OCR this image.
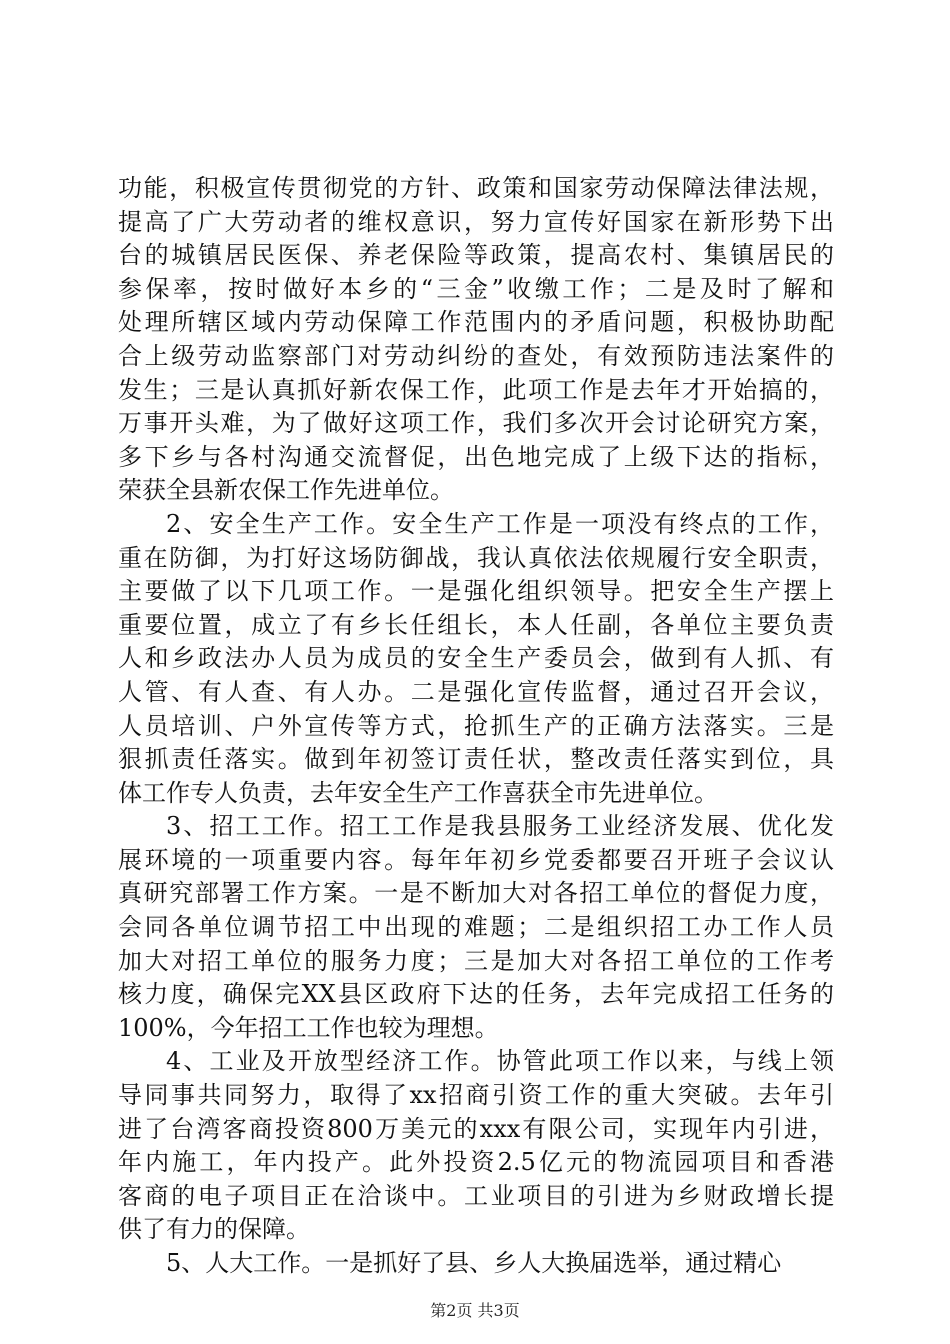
功能，积极宣传贯彻党的方针、政策和国家劳动保障法律法规，
提高了广大劳动者的维权意识，努力宣传好国家在新形势下出
台的城镇居民医保、养老保险等政策，提高农村、集镇居民的
参保率，按时做好本乡的“三金”收缴工作；二是及时了解和
处理所辖区域内劳动保障工作范围内的矛盾问题，积极协助配
合上级劳动监察部门对劳动纠纷的查处，有效预防违法案件的
发生；三是认真抓好新农保工作，此项工作是去年才开始搞的，
万事开头难，为了做好这项工作，我们多次开会讨论研究方案，
多下乡与各村沟通交流督促，出色地完成了上级下达的指标，
荣获全县新农保工作先进单位。
2、安全生产工作。安全生产工作是一项没有终点的工作，
重在防御，为打好这场防御战，我认真依法依规履行安全职责，
主要做了以下几项工作。一是强化组织领导。把安全生产摆上
重要位置，成立了有乡长任组长，本人任副，各单位主要负责
人和乡政法办人员为成员的安全生产委员会，做到有人抓、有
人管、有人查、有人办。二是强化宣传监督，通过召开会议，
人员培训、户外宣传等方式，抢抓生产的正确方法落实。三是
狠抓责任落实。做到年初签订责任状，整改责任落实到位，具
体工作专人负责，去年安全生产工作喜获全市先进单位。
3、招工工作。招工工作是我县服务工业经济发展、优化发
展环境的一项重要内容。每年年初乡党委都要召开班子会议认
真研究部署工作方案。一是不断加大对各招工单位的督促力度，
会同各单位调节招工中出现的难题；二是组织招工办工作人员
加大对招工单位的服务力度；三是加大对各招工单位的工作考
核力度，确保完XX县区政府下达的任务，去年完成招工任务的
100%，今年招工工作也较为理想。
4、工业及开放型经济工作。协管此项工作以来，与线上领
导同事共同努力，取得了xx招商引资工作的重大突破。去年引
进了台湾客商投资800万美元的xxx有限公司，实现年内引进，
年内施工，年内投产。此外投资2.5亿元的物流园项目和香港
客商的电子项目正在洽谈中。工业项目的引进为乡财政增长提
供了有力的保障。
5、人大工作。一是抓好了县、乡人大换届选举，通过精心
第2页 共3页
